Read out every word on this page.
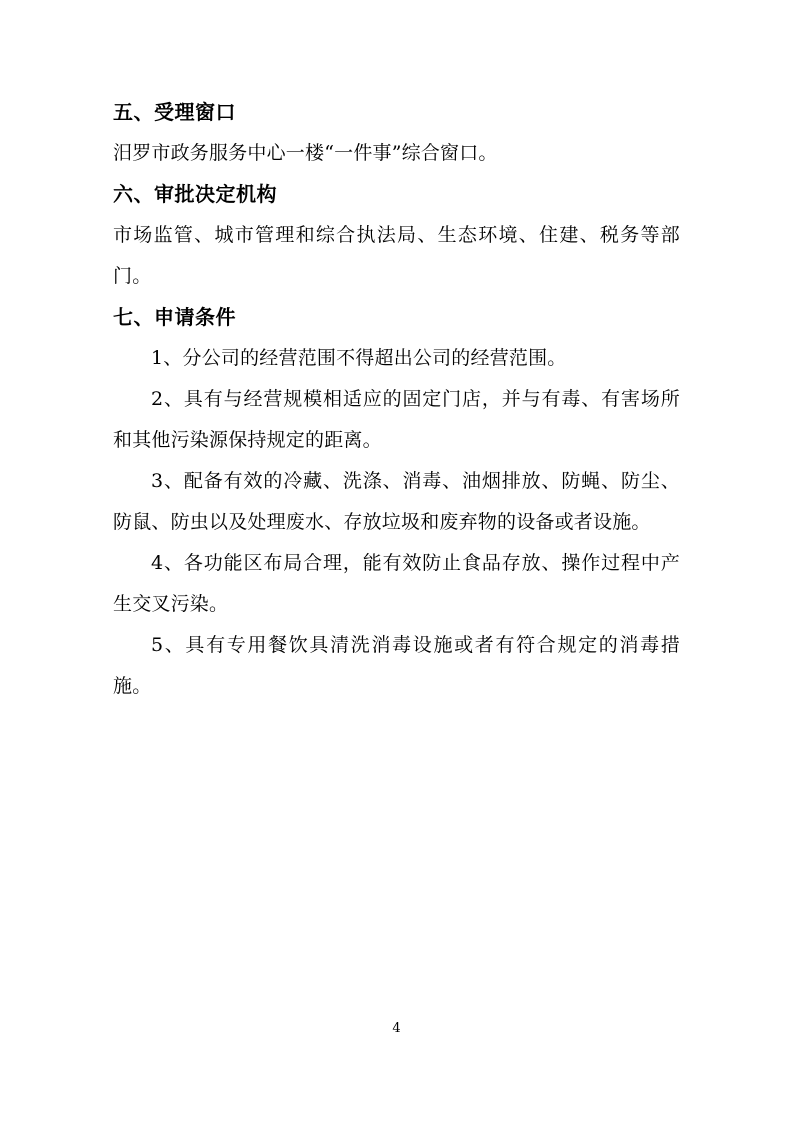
五、受理窗口

汨罗市政务服务中心一楼“一件事”综合窗口。

六、审批决定机构

市场监管、城市管理和综合执法局、生态环境、住建、税务等部门。

七、申请条件

1、分公司的经营范围不得超出公司的经营范围。

2、具有与经营规模相适应的固定门店，并与有毒、有害场所和其他污染源保持规定的距离。

3、配备有效的冷藏、洗涤、消毒、油烟排放、防蝇、防尘、防鼠、防虫以及处理废水、存放垃圾和废弃物的设备或者设施。

4、各功能区布局合理，能有效防止食品存放、操作过程中产生交叉污染。

5、具有专用餐饮具清洗消毒设施或者有符合规定的消毒措施。

4
